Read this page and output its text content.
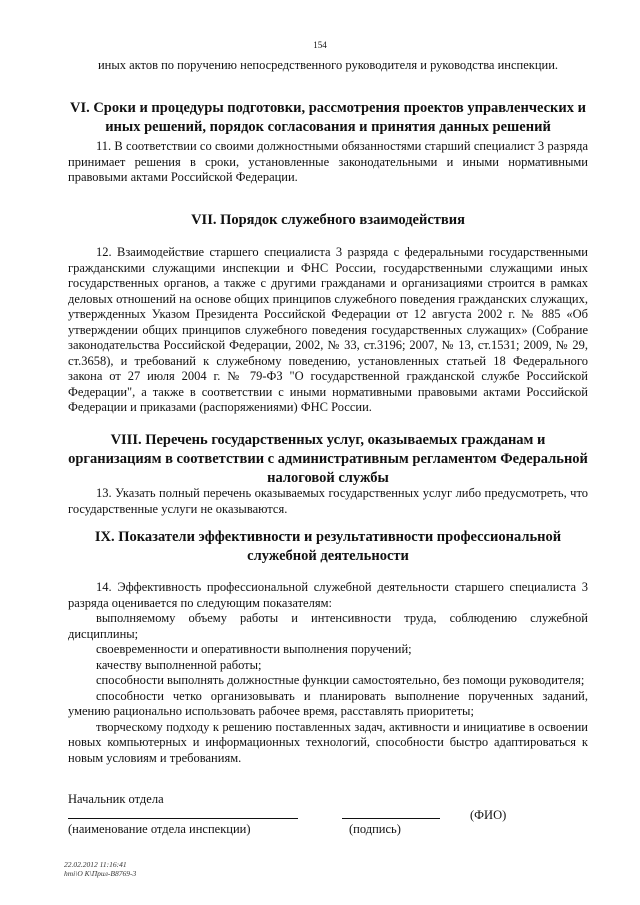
154
иных актов по поручению непосредственного руководителя и руководства инспекции.
VI. Сроки и процедуры подготовки, рассмотрения проектов управленческих и иных решений, порядок согласования и принятия данных решений
11. В соответствии со своими должностными обязанностями старший специалист 3 разряда принимает решения в сроки, установленные законодательными и иными нормативными правовыми актами Российской Федерации.
VII. Порядок служебного взаимодействия
12. Взаимодействие старшего специалиста 3 разряда с федеральными государственными гражданскими служащими инспекции и ФНС России, государственными служащими иных государственных органов, а также с другими гражданами и организациями строится в рамках деловых отношений на основе общих принципов служебного поведения гражданских служащих, утвержденных Указом Президента Российской Федерации от 12 августа 2002 г. № 885 «Об утверждении общих принципов служебного поведения государственных служащих» (Собрание законодательства Российской Федерации, 2002, № 33, ст.3196; 2007, № 13, ст.1531; 2009, № 29, ст.3658), и требований к служебному поведению, установленных статьей 18 Федерального закона от 27 июля 2004 г. № 79-ФЗ "О государственной гражданской службе Российской Федерации", а также в соответствии с иными нормативными правовыми актами Российской Федерации и приказами (распоряжениями) ФНС России.
VIII. Перечень государственных услуг, оказываемых гражданам и организациям в соответствии с административным регламентом Федеральной налоговой службы
13. Указать полный перечень оказываемых государственных услуг либо предусмотреть, что государственные услуги не оказываются.
IX. Показатели эффективности и результативности профессиональной служебной деятельности
14. Эффективность профессиональной служебной деятельности старшего специалиста 3 разряда оценивается по следующим показателям:
выполняемому объему работы и интенсивности труда, соблюдению служебной дисциплины;
своевременности и оперативности выполнения поручений;
качеству выполненной работы;
способности выполнять должностные функции самостоятельно, без помощи руководителя;
способности четко организовывать и планировать выполнение порученных заданий, умению рационально использовать рабочее время, расставлять приоритеты;
творческому подходу к решению поставленных задач, активности и инициативе в освоении новых компьютерных и информационных технологий, способности быстро адаптироваться к новым условиям и требованиям.
Начальник отдела
(ФИО)
(наименование отдела инспекции)	(подпись)
22.02.2012 11:16:41
hmi\О К\Прил-В8769-3
